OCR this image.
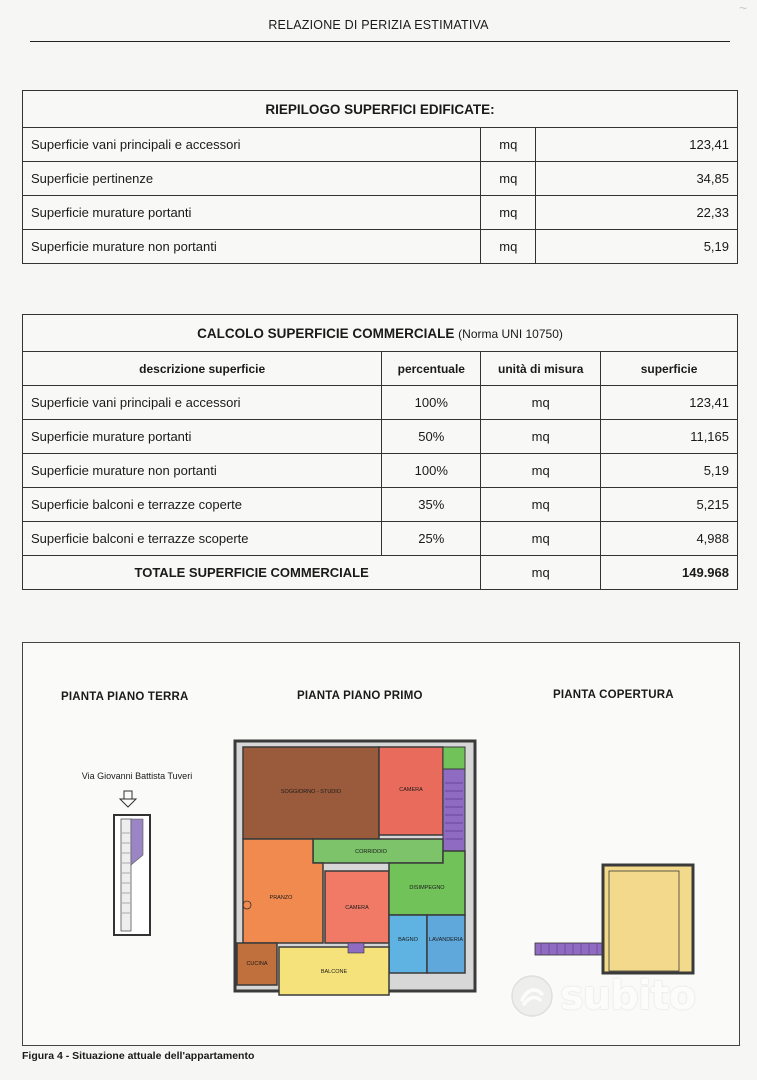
~
RELAZIONE DI PERIZIA ESTIMATIVA
RIEPILOGO SUPERFICI EDIFICATE:		
Superficie vani principali e accessori	mq	123,41
Superficie pertinenze	mq	34,85
Superficie murature portanti	mq	22,33
Superficie murature non portanti	mq	5,19
CALCOLO SUPERFICIE COMMERCIALE (Norma UNI 10750)			
descrizione superficie	percentuale	unità di misura	superficie
Superficie vani principali e accessori	100%	mq	123,41
Superficie murature portanti	50%	mq	11,165
Superficie murature non portanti	100%	mq	5,19
Superficie balconi e terrazze coperte	35%	mq	5,215
Superficie balconi e terrazze scoperte	25%	mq	4,988
TOTALE SUPERFICIE COMMERCIALE		mq	149.968
PIANTA PIANO TERRA	PIANTA PIANO PRIMO	PIANTA COPERTURA
Via Giovanni Battista Tuveri
SOGGIORNO - STUDIO	CAMERA
CORRIDOIO
PRANZO
CAMERA
DISIMPEGNO
BAGNO LAVANDERIA
CUCINA
BALCONE
Figura 4 - Situazione attuale dell'appartamento
subito
